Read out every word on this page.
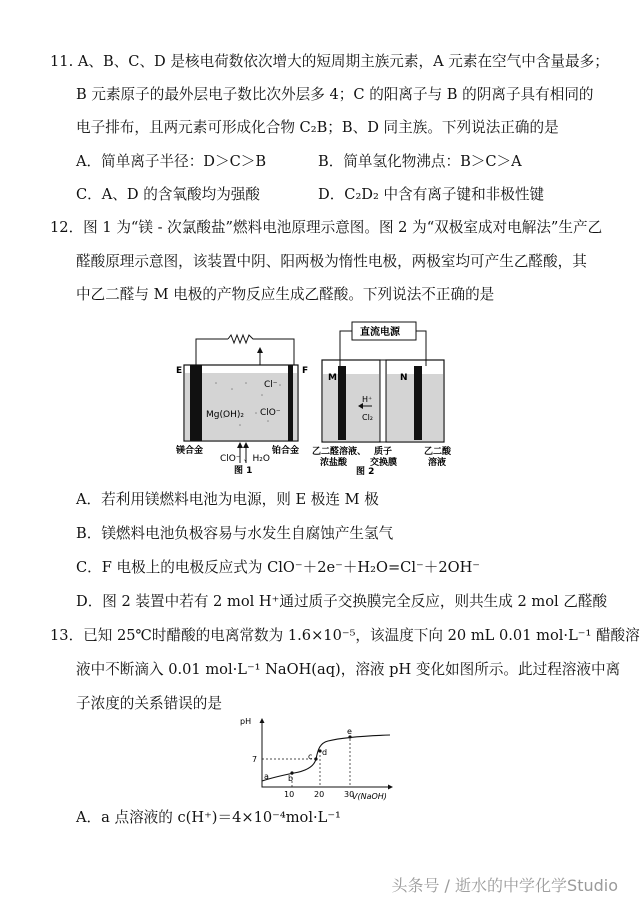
11. A、B、C、D 是核电荷数依次增大的短周期主族元素，A 元素在空气中含量最多；
B 元素原子的最外层电子数比次外层多 4；C 的阳离子与 B 的阴离子具有相同的
电子排布，且两元素可形成化合物 C₂B；B、D 同主族。下列说法正确的是
A．简单离子半径：D＞C＞B	B．简单氢化物沸点：B＞C＞A
C．A、D 的含氧酸均为强酸	D．C₂D₂ 中含有离子键和非极性键
12．图 1 为“镁 - 次氯酸盐”燃料电池原理示意图。图 2 为“双极室成对电解法”生产乙
醛酸原理示意图，该装置中阴、阳两极为惰性电极，两极室均可产生乙醛酸，其
中乙二醛与 M 电极的产物反应生成乙醛酸。下列说法不正确的是
E	F
Cl⁻
Mg(OH)₂ ClO⁻
镁合金	铂合金
ClO⁻ 、H₂O
图 1
直流电源
M	N
H⁺
Cl₂
乙二醛溶液、
浓盐酸
质子
交换膜
乙二酸
溶液
图 2
A．若利用镁燃料电池为电源，则 E 极连 M 极
B．镁燃料电池负极容易与水发生自腐蚀产生氢气
C．F 电极上的电极反应式为 ClO⁻＋2e⁻＋H₂O=Cl⁻＋2OH⁻
D．图 2 装置中若有 2 mol H⁺通过质子交换膜完全反应，则共生成 2 mol 乙醛酸
13．已知 25℃时醋酸的电离常数为 1.6×10⁻⁵，该温度下向 20 mL 0.01 mol·L⁻¹ 醋酸溶
液中不断滴入 0.01 mol·L⁻¹ NaOH(aq)，溶液 pH 变化如图所示。此过程溶液中离
子浓度的关系错误的是
pH
V(NaOH)
7
10 20 30
a b
c d
e
A．a 点溶液的 c(H⁺)＝4×10⁻⁴mol·L⁻¹
头条号 / 逝水的中学化学Studio
